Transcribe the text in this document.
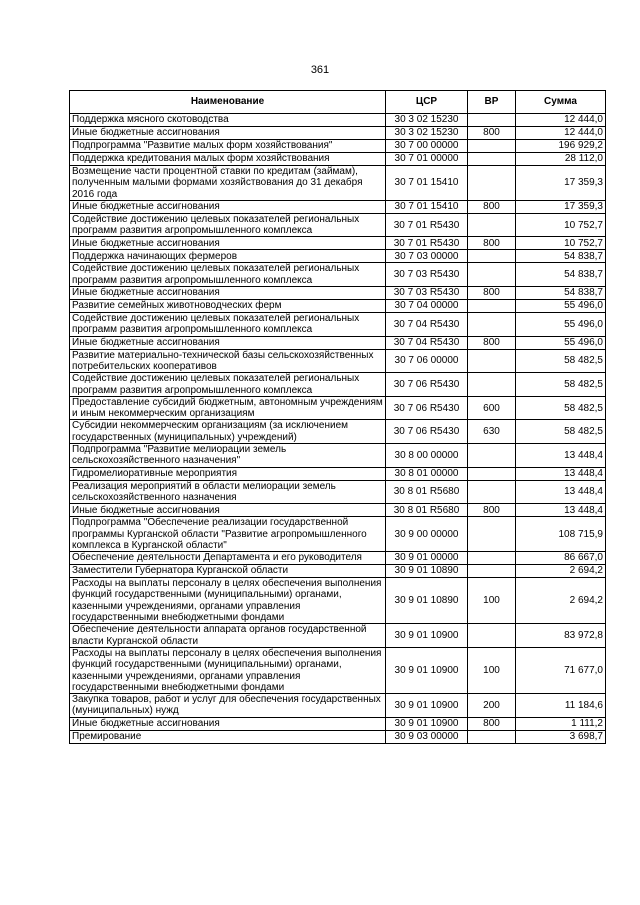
361
Наименование	ЦСР	ВР	Сумма
Поддержка мясного скотоводства	30 3 02 15230		12 444,0
Иные бюджетные ассигнования	30 3 02 15230	800	12 444,0
Подпрограмма "Развитие малых форм хозяйствования"	30 7 00 00000		196 929,2
Поддержка кредитования малых форм хозяйствования	30 7 01 00000		28 112,0
Возмещение части процентной ставки по кредитам (займам), полученным малыми формами хозяйствования до 31 декабря 2016 года	30 7 01 15410		17 359,3
Иные бюджетные ассигнования	30 7 01 15410	800	17 359,3
Содействие достижению целевых показателей региональных программ развития агропромышленного комплекса	30 7 01 R5430		10 752,7
Иные бюджетные ассигнования	30 7 01 R5430	800	10 752,7
Поддержка начинающих фермеров	30 7 03 00000		54 838,7
Содействие достижению целевых показателей региональных программ развития агропромышленного комплекса	30 7 03 R5430		54 838,7
Иные бюджетные ассигнования	30 7 03 R5430	800	54 838,7
Развитие семейных животноводческих ферм	30 7 04 00000		55 496,0
Содействие достижению целевых показателей региональных программ развития агропромышленного комплекса	30 7 04 R5430		55 496,0
Иные бюджетные ассигнования	30 7 04 R5430	800	55 496,0
Развитие материально-технической базы сельскохозяйственных потребительских кооперативов	30 7 06 00000		58 482,5
Содействие достижению целевых показателей региональных программ развития агропромышленного комплекса	30 7 06 R5430		58 482,5
Предоставление субсидий бюджетным, автономным учреждениям и иным некоммерческим организациям	30 7 06 R5430	600	58 482,5
Субсидии некоммерческим организациям (за исключением государственных (муниципальных) учреждений)	30 7 06 R5430	630	58 482,5
Подпрограмма "Развитие мелиорации земель сельскохозяйственного назначения"	30 8 00 00000		13 448,4
Гидромелиоративные мероприятия	30 8 01 00000		13 448,4
Реализация мероприятий в области мелиорации земель сельскохозяйственного назначения	30 8 01 R5680		13 448,4
Иные бюджетные ассигнования	30 8 01 R5680	800	13 448,4
Подпрограмма "Обеспечение реализации государственной программы Курганской области "Развитие агропромышленного комплекса в Курганской области"	30 9 00 00000		108 715,9
Обеспечение деятельности Департамента и его руководителя	30 9 01 00000		86 667,0
Заместители Губернатора Курганской области	30 9 01 10890		2 694,2
Расходы на выплаты персоналу в целях обеспечения выполнения функций государственными (муниципальными) органами, казенными учреждениями, органами управления государственными внебюджетными фондами	30 9 01 10890	100	2 694,2
Обеспечение деятельности аппарата органов государственной власти Курганской области	30 9 01 10900		83 972,8
Расходы на выплаты персоналу в целях обеспечения выполнения функций государственными (муниципальными) органами, казенными учреждениями, органами управления государственными внебюджетными фондами	30 9 01 10900	100	71 677,0
Закупка товаров, работ и услуг для обеспечения государственных (муниципальных) нужд	30 9 01 10900	200	11 184,6
Иные бюджетные ассигнования	30 9 01 10900	800	1 111,2
Премирование	30 9 03 00000		3 698,7
